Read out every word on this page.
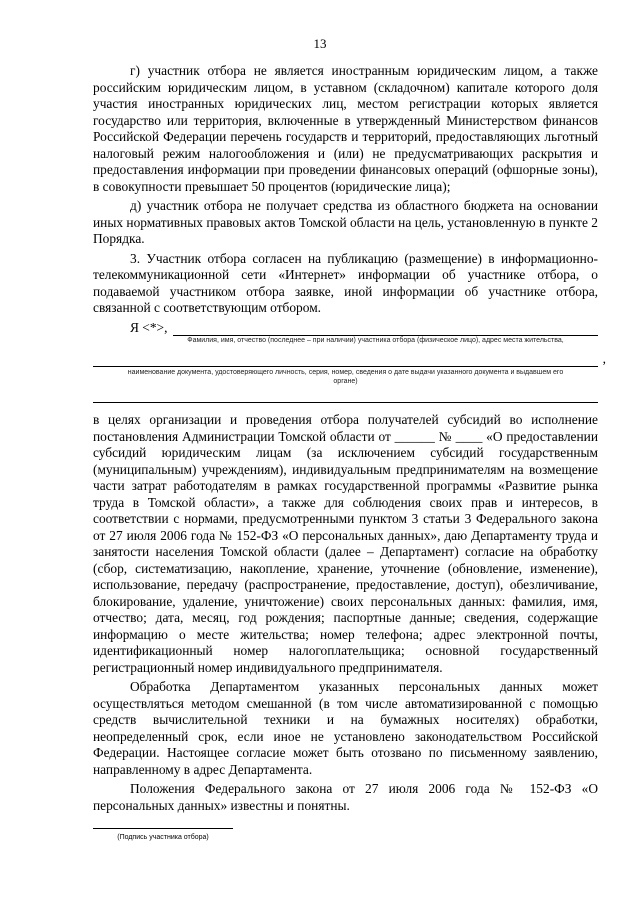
13

г) участник отбора не является иностранным юридическим лицом, а также российским юридическим лицом, в уставном (складочном) капитале которого доля участия иностранных юридических лиц, местом регистрации которых является государство или территория, включенные в утвержденный Министерством финансов Российской Федерации перечень государств и территорий, предоставляющих льготный налоговый режим налогообложения и (или) не предусматривающих раскрытия и предоставления информации при проведении финансовых операций (офшорные зоны), в совокупности превышает 50 процентов (юридические лица);

д) участник отбора не получает средства из областного бюджета на основании иных нормативных правовых актов Томской области на цель, установленную в пункте 2 Порядка.

3. Участник отбора согласен на публикацию (размещение) в информационно-телекоммуникационной сети «Интернет» информации об участнике отбора, о подаваемой участником отбора заявке, иной информации об участнике отбора, связанной с соответствующим отбором.

Я <*>,
Фамилия, имя, отчество (последнее – при наличии) участника отбора (физическое лицо), адрес места жительства,
,
наименование документа, удостоверяющего личность, серия, номер, сведения о дате выдачи указанного документа и выдавшем его органе)

в целях организации и проведения отбора получателей субсидий во исполнение постановления Администрации Томской области от ______ № ____ «О предоставлении субсидий юридическим лицам (за исключением субсидий государственным (муниципальным) учреждениям), индивидуальным предпринимателям на возмещение части затрат работодателям в рамках государственной программы «Развитие рынка труда в Томской области», а также для соблюдения своих прав и интересов, в соответствии с нормами, предусмотренными пунктом 3 статьи 3 Федерального закона от 27 июля 2006 года № 152-ФЗ «О персональных данных», даю Департаменту труда и занятости населения Томской области (далее – Департамент) согласие на обработку (сбор, систематизацию, накопление, хранение, уточнение (обновление, изменение), использование, передачу (распространение, предоставление, доступ), обезличивание, блокирование, удаление, уничтожение) своих персональных данных: фамилия, имя, отчество; дата, месяц, год рождения; паспортные данные; сведения, содержащие информацию о месте жительства; номер телефона; адрес электронной почты, идентификационный номер налогоплательщика; основной государственный регистрационный номер индивидуального предпринимателя.

Обработка Департаментом указанных персональных данных может осуществляться методом смешанной (в том числе автоматизированной с помощью средств вычислительной техники и на бумажных носителях) обработки, неопределенный срок, если иное не установлено законодательством Российской Федерации. Настоящее согласие может быть отозвано по письменному заявлению, направленному в адрес Департамента.

Положения Федерального закона от 27 июля 2006 года № 152-ФЗ «О персональных данных» известны и понятны.

(Подпись участника отбора)
